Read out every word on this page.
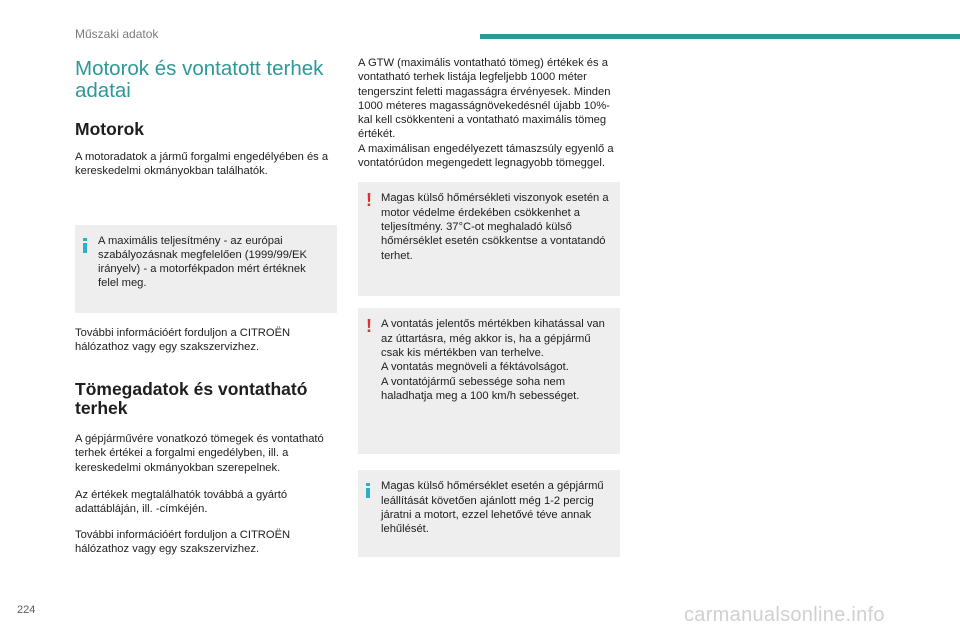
Műszaki adatok
Motorok és vontatott terhek adatai
Motorok

A motoradatok a jármű forgalmi engedélyében és a kereskedelmi okmányokban találhatók.

A maximális teljesítmény - az európai szabályozásnak megfelelően (1999/99/EK irányelv) - a motorfékpadon mért értéknek felel meg.

További információért forduljon a CITROËN hálózathoz vagy egy szakszervizhez.

Tömegadatok és vontatható terhek

A gépjárművére vonatkozó tömegek és vontatható terhek értékei a forgalmi engedélyben, ill. a kereskedelmi okmányokban szerepelnek.

Az értékek megtalálhatók továbbá a gyártó adattábláján, ill. -címkéjén.

További információért forduljon a CITROËN hálózathoz vagy egy szakszervizhez.

A GTW (maximális vontatható tömeg) értékek és a vontatható terhek listája legfeljebb 1000 méter tengerszint feletti magasságra érvényesek. Minden 1000 méteres magasságnövekedésnél újabb 10%-kal kell csökkenteni a vontatható maximális tömeg értékét.

A maximálisan engedélyezett támaszsúly egyenlő a vontatórúdon megengedett legnagyobb tömeggel.

! Magas külső hőmérsékleti viszonyok esetén a motor védelme érdekében csökkenhet a teljesítmény. 37°C-ot meghaladó külső hőmérséklet esetén csökkentse a vontatandó terhet.

! A vontatás jelentős mértékben kihatással van az úttartásra, még akkor is, ha a gépjármű csak kis mértékben van terhelve.

A vontatás megnöveli a féktávolságot.

A vontatójármű sebessége soha nem haladhatja meg a 100 km/h sebességet.

Magas külső hőmérséklet esetén a gépjármű leállítását követően ajánlott még 1-2 percig járatni a motort, ezzel lehetővé téve annak lehűlését.

224	carmanualsonline.info
